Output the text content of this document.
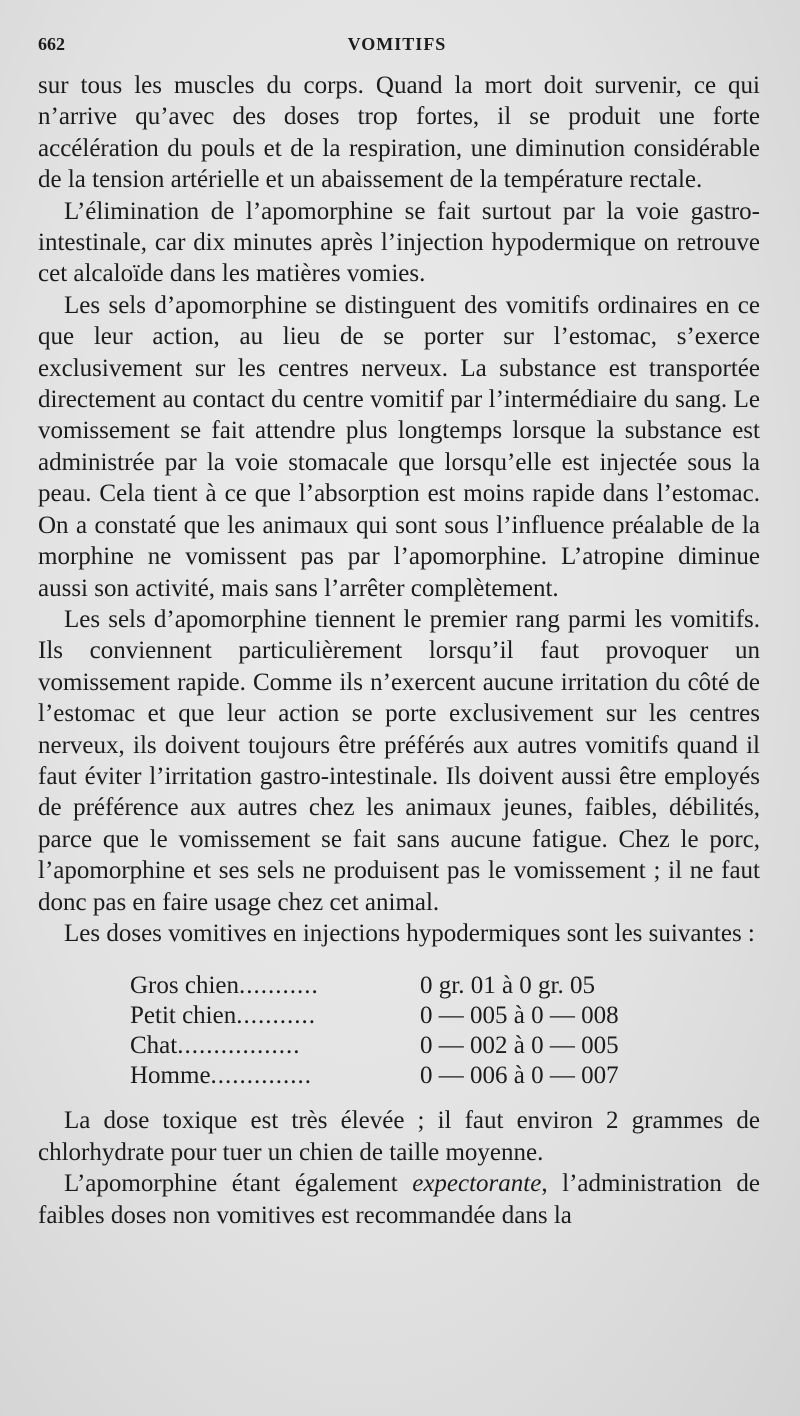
662	VOMITIFS

sur tous les muscles du corps. Quand la mort doit survenir, ce qui n’arrive qu’avec des doses trop fortes, il se produit une forte accélération du pouls et de la respiration, une diminution considérable de la tension artérielle et un abaissement de la température rectale.

L’élimination de l’apomorphine se fait surtout par la voie gastro-intestinale, car dix minutes après l’injection hypodermique on retrouve cet alcaloïde dans les matières vomies.

Les sels d’apomorphine se distinguent des vomitifs ordinaires en ce que leur action, au lieu de se porter sur l’estomac, s’exerce exclusivement sur les centres nerveux. La substance est transportée directement au contact du centre vomitif par l’intermédiaire du sang. Le vomissement se fait attendre plus longtemps lorsque la substance est administrée par la voie stomacale que lorsqu’elle est injectée sous la peau. Cela tient à ce que l’absorption est moins rapide dans l’estomac. On a constaté que les animaux qui sont sous l’influence préalable de la morphine ne vomissent pas par l’apomorphine. L’atropine diminue aussi son activité, mais sans l’arrêter complètement.

Les sels d’apomorphine tiennent le premier rang parmi les vomitifs. Ils conviennent particulièrement lorsqu’il faut provoquer un vomissement rapide. Comme ils n’exercent aucune irritation du côté de l’estomac et que leur action se porte exclusivement sur les centres nerveux, ils doivent toujours être préférés aux autres vomitifs quand il faut éviter l’irritation gastro-intestinale. Ils doivent aussi être employés de préférence aux autres chez les animaux jeunes, faibles, débilités, parce que le vomissement se fait sans aucune fatigue. Chez le porc, l’apomorphine et ses sels ne produisent pas le vomissement ; il ne faut donc pas en faire usage chez cet animal.

Les doses vomitives en injections hypodermiques sont les suivantes :

Gros chien...........	0 gr. 01 à 0 gr. 05
Petit chien...........	0 — 005 à 0 — 008
Chat.................	0 — 002 à 0 — 005
Homme..............	0 — 006 à 0 — 007

La dose toxique est très élevée ; il faut environ 2 grammes de chlorhydrate pour tuer un chien de taille moyenne.

L’apomorphine étant également expectorante, l’administration de faibles doses non vomitives est recommandée dans la
